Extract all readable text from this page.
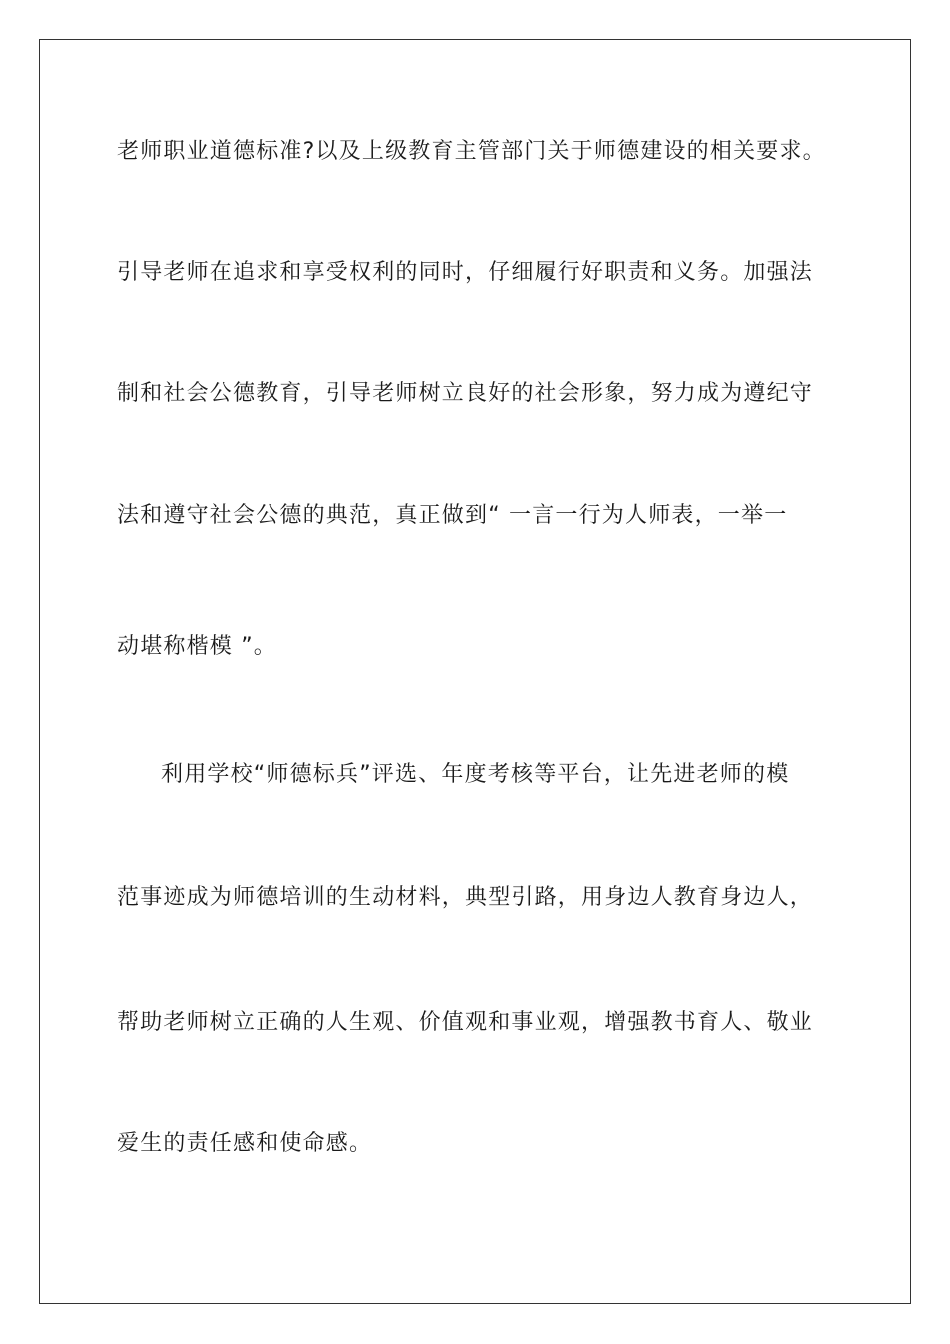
老师职业道德标准?以及上级教育主管部门关于师德建设的相关要求。
引导老师在追求和享受权利的同时，仔细履行好职责和义务。加强法
制和社会公德教育，引导老师树立良好的社会形象，努力成为遵纪守
法和遵守社会公德的典范，真正做到“ 一言一行为人师表，一举一
动堪称楷模 ”。
利用学校“师德标兵”评选、年度考核等平台，让先进老师的模
范事迹成为师德培训的生动材料，典型引路，用身边人教育身边人，
帮助老师树立正确的人生观、价值观和事业观，增强教书育人、敬业
爱生的责任感和使命感。
